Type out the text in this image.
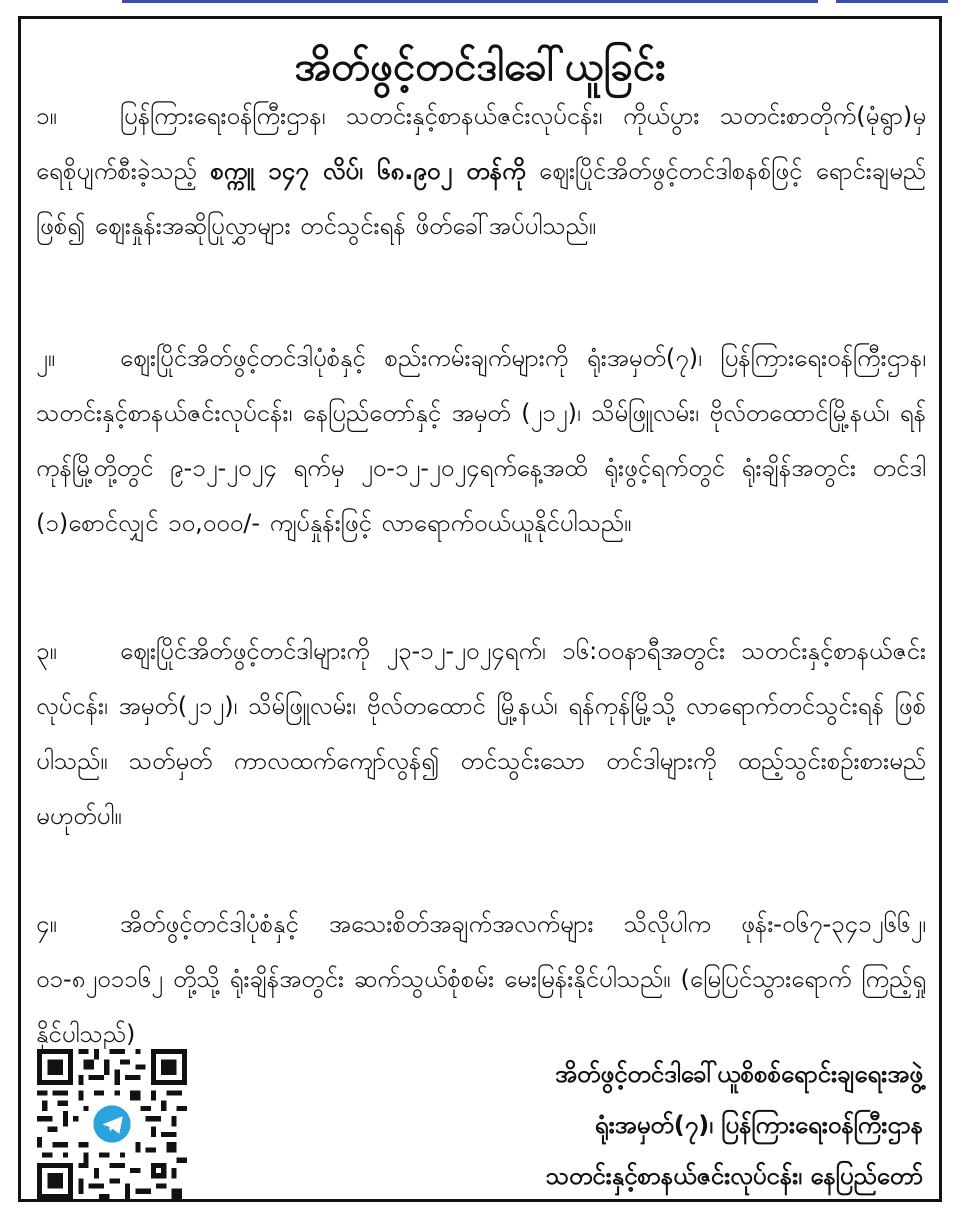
အိတ်ဖွင့်တင်ဒါခေါ်ယူခြင်း
၁။	ပြန်ကြားရေးဝန်ကြီးဌာန၊ သတင်းနှင့်စာနယ်ဇင်းလုပ်ငန်း၊ ကိုယ်ပွား သတင်းစာတိုက်(မုံရွာ)မှ ရေစိုပျက်စီးခဲ့သည့် စက္ကူ ၁၄၇ လိပ်၊ ၆၈.၉၀၂ တန်ကို ဈေးပြိုင်အိတ်ဖွင့်တင်ဒါစနစ်ဖြင့် ရောင်းချမည်ဖြစ်၍ ဈေးနှုန်းအဆိုပြုလွှာများ တင်သွင်းရန် ဖိတ်ခေါ်အပ်ပါသည်။
၂။	ဈေးပြိုင်အိတ်ဖွင့်တင်ဒါပုံစံနှင့် စည်းကမ်းချက်များကို ရုံးအမှတ်(၇)၊ ပြန်ကြားရေးဝန်ကြီးဌာန၊ သတင်းနှင့်စာနယ်ဇင်းလုပ်ငန်း၊ နေပြည်တော်နှင့် အမှတ် (၂၁၂)၊ သိမ်ဖြူလမ်း၊ ဗိုလ်တထောင်မြို့နယ်၊ ရန်ကုန်မြို့တို့တွင် ၉-၁၂-၂၀၂၄ ရက်မှ ၂၀-၁၂-၂၀၂၄ရက်နေ့အထိ ရုံးဖွင့်ရက်တွင် ရုံးချိန်အတွင်း တင်ဒါ (၁)စောင်လျှင် ၁၀,၀၀၀/- ကျပ်နှုန်းဖြင့် လာရောက်ဝယ်ယူနိုင်ပါသည်။
၃။	ဈေးပြိုင်အိတ်ဖွင့်တင်ဒါများကို ၂၃-၁၂-၂၀၂၄ရက်၊ ၁၆:၀၀နာရီအတွင်း သတင်းနှင့်စာနယ်ဇင်းလုပ်ငန်း၊ အမှတ်(၂၁၂)၊ သိမ်ဖြူလမ်း၊ ဗိုလ်တထောင် မြို့နယ်၊ ရန်ကုန်မြို့သို့ လာရောက်တင်သွင်းရန် ဖြစ်ပါသည်။ သတ်မှတ် ကာလထက်ကျော်လွန်၍ တင်သွင်းသော တင်ဒါများကို ထည့်သွင်းစဉ်းစားမည် မဟုတ်ပါ။
၄။	အိတ်ဖွင့်တင်ဒါပုံစံနှင့် အသေးစိတ်အချက်အလက်များ သိလိုပါက ဖုန်း-၀၆၇-၃၄၁၂၆၆၂၊ ၀၁-၈၂၀၁၁၆၂ တို့သို့ ရုံးချိန်အတွင်း ဆက်သွယ်စုံစမ်း မေးမြန်းနိုင်ပါသည်။ (မြေပြင်သွားရောက် ကြည့်ရှုနိုင်ပါသည်)
အိတ်ဖွင့်တင်ဒါခေါ်ယူစိစစ်ရောင်းချရေးအဖွဲ့
ရုံးအမှတ်(၇)၊ ပြန်ကြားရေးဝန်ကြီးဌာန
သတင်းနှင့်စာနယ်ဇင်းလုပ်ငန်း၊ နေပြည်တော်
